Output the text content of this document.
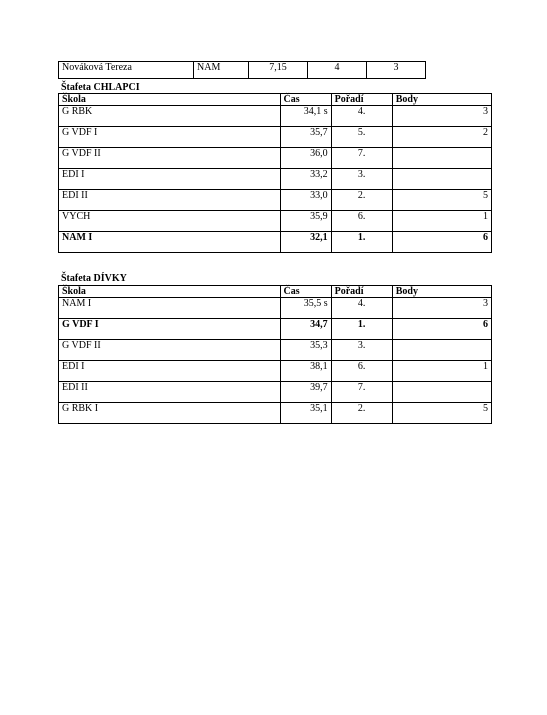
Nováková Tereza	NAM	7,15	4	3
Štafeta CHLAPCI
Škola	Čas	Pořadí	Body
G RBK	34,1 s	4.	3
G VDF I	35,7	5.	2
G VDF II	36,0	7.	
EDI I	33,2	3.	
EDI II	33,0	2.	5
VYCH	35,9	6.	1
NAM I	32,1	1.	6
Štafeta DÍVKY
Škola	Čas	Pořadí	Body
NAM I	35,5 s	4.	3
G VDF I	34,7	1.	6
G VDF II	35,3	3.	
EDI I	38,1	6.	1
EDI II	39,7	7.	
G RBK I	35,1	2.	5
